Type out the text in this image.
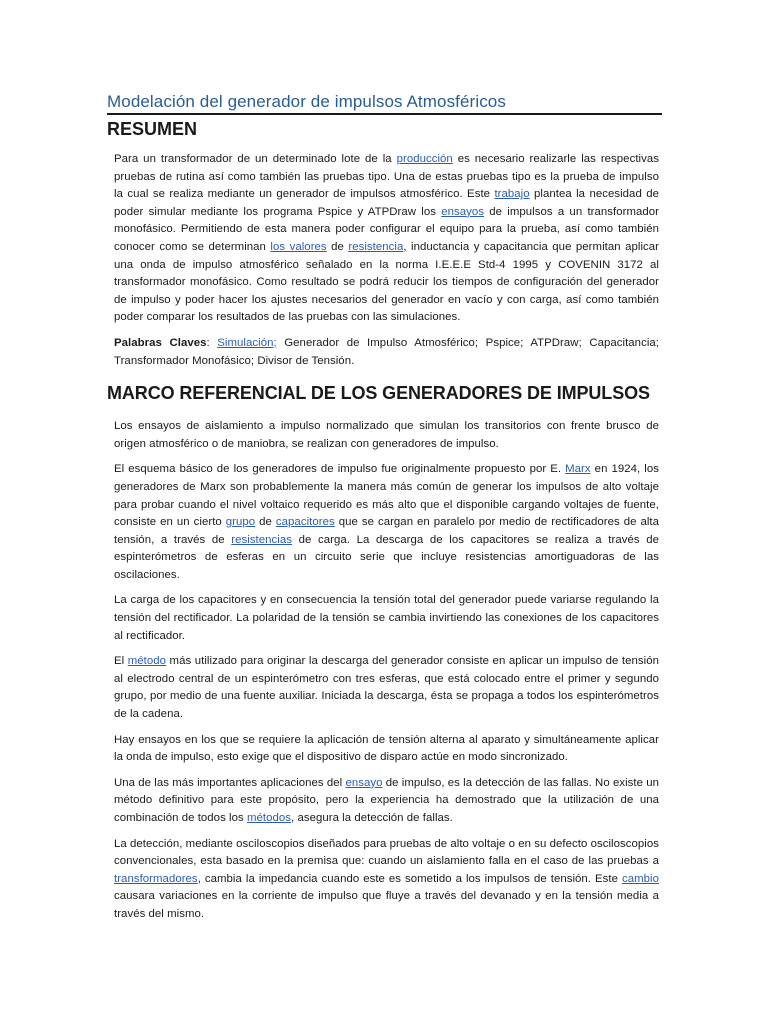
Modelación del generador de impulsos Atmosféricos
RESUMEN

Para un transformador de un determinado lote de la producción es necesario realizarle las respectivas pruebas de rutina así como también las pruebas tipo. Una de estas pruebas tipo es la prueba de impulso la cual se realiza mediante un generador de impulsos atmosférico. Este trabajo plantea la necesidad de poder simular mediante los programa Pspice y ATPDraw los ensayos de impulsos a un transformador monofásico. Permitiendo de esta manera poder configurar el equipo para la prueba, así como también conocer como se determinan los valores de resistencia, inductancia y capacitancia que permitan aplicar una onda de impulso atmosférico señalado en la norma I.E.E.E Std-4 1995 y COVENIN 3172 al transformador monofásico. Como resultado se podrá reducir los tiempos de configuración del generador de impulso y poder hacer los ajustes necesarios del generador en vacío y con carga, así como también poder comparar los resultados de las pruebas con las simulaciones.

Palabras Claves: Simulación; Generador de Impulso Atmosférico; Pspice; ATPDraw; Capacitancia; Transformador Monofásico; Divisor de Tensión.

MARCO REFERENCIAL DE LOS GENERADORES DE IMPULSOS

Los ensayos de aislamiento a impulso normalizado que simulan los transitorios con frente brusco de origen atmosférico o de maniobra, se realizan con generadores de impulso.

El esquema básico de los generadores de impulso fue originalmente propuesto por E. Marx en 1924, los generadores de Marx son probablemente la manera más común de generar los impulsos de alto voltaje para probar cuando el nivel voltaico requerido es más alto que el disponible cargando voltajes de fuente, consiste en un cierto grupo de capacitores que se cargan en paralelo por medio de rectificadores de alta tensión, a través de resistencias de carga. La descarga de los capacitores se realiza a través de espinterómetros de esferas en un circuito serie que incluye resistencias amortiguadoras de las oscilaciones.

La carga de los capacitores y en consecuencia la tensión total del generador puede variarse regulando la tensión del rectificador. La polaridad de la tensión se cambia invirtiendo las conexiones de los capacitores al rectificador.

El método más utilizado para originar la descarga del generador consiste en aplicar un impulso de tensión al electrodo central de un espinterómetro con tres esferas, que está colocado entre el primer y segundo grupo, por medio de una fuente auxiliar. Iniciada la descarga, ésta se propaga a todos los espinterómetros de la cadena.

Hay ensayos en los que se requiere la aplicación de tensión alterna al aparato y simultáneamente aplicar la onda de impulso, esto exige que el dispositivo de disparo actúe en modo sincronizado.

Una de las más importantes aplicaciones del ensayo de impulso, es la detección de las fallas. No existe un método definitivo para este propósito, pero la experiencia ha demostrado que la utilización de una combinación de todos los métodos, asegura la detección de fallas.

La detección, mediante osciloscopios diseñados para pruebas de alto voltaje o en su defecto osciloscopios convencionales, esta basado en la premisa que: cuando un aislamiento falla en el caso de las pruebas a transformadores, cambia la impedancia cuando este es sometido a los impulsos de tensión. Este cambio causara variaciones en la corriente de impulso que fluye a través del devanado y en la tensión media a través del mismo.
